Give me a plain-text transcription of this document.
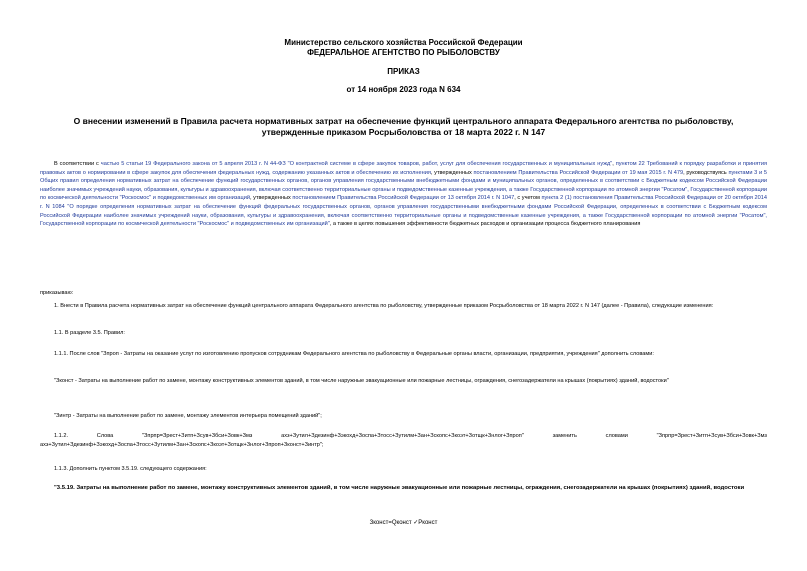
Министерство сельского хозяйства Российской Федерации
ФЕДЕРАЛЬНОЕ АГЕНТСТВО ПО РЫБОЛОВСТВУ
ПРИКАЗ
от 14 ноября 2023 года N 634
О внесении изменений в Правила расчета нормативных затрат на обеспечение функций центрального аппарата Федерального агентства по рыболовству,
утвержденные приказом Росрыболовства от 18 марта 2022 г. N 147

В соответствии с частью 5 статьи 19 Федерального закона от 5 апреля 2013 г. N 44-ФЗ "О контрактной системе в сфере закупок товаров, работ, услуг для обеспечения государственных и муниципальных нужд", пунктом 22 Требований к порядку разработки и принятия правовых актов о нормировании в сфере закупок для обеспечения федеральных нужд, содержанию указанных актов и обеспечению их исполнения, утвержденных постановлением Правительства Российской Федерации от 19 мая 2015 г. N 479, руководствуясь пунктами 3 и 5 Общих правил определения нормативных затрат на обеспечение функций государственных органов, органов управления государственными внебюджетными фондами и муниципальных органов, определенных в соответствии с Бюджетным кодексом Российской Федерации наиболее значимых учреждений науки, образования, культуры и здравоохранения, включая соответственно территориальные органы и подведомственные казенные учреждения, а также Государственной корпорации по атомной энергии "Росатом", Государственной корпорации по космической деятельности "Роскосмос" и подведомственных им организаций, утвержденных постановлением Правительства Российской Федерации от 13 октября 2014 г. N 1047, с учетом пункта 2 (1) постановления Правительства Российской Федерации от 20 октября 2014 г. N 1084 "О порядке определения нормативных затрат на обеспечение функций федеральных государственных органов, органов управления государственными внебюджетными фондами Российской Федерации, определенных в соответствии с Бюджетным кодексом Российской Федерации наиболее значимых учреждений науки, образования, культуры и здравоохранения, включая соответственно территориальные органы и подведомственные казенные учреждения, а также Государственной корпорации по атомной энергии "Росатом", Государственной корпорации по космической деятельности "Роскосмос" и подведомственных им организаций", а также в целях повышения эффективности бюджетных расходов и организации процесса бюджетного планирования

приказываю:

1. Внести в Правила расчета нормативных затрат на обеспечение функций центрального аппарата Федерального агентства по рыболовству, утвержденные приказом Росрыболовства от 18 марта 2022 г. N 147 (далее - Правила), следующие изменения:

1.1. В разделе 3.5. Правил:

1.1.1. После слов "Зпроп - Затраты на оказание услуг по изготовлению пропусков сотрудникам Федерального агентства по рыболовству в Федеральные органы власти, организации, предприятия, учреждения" дополнить словами:

"Зконст - Затраты на выполнение работ по замене, монтажу конструктивных элементов зданий, в том числе наружные эвакуационные или пожарные лестницы, ограждения, снегозадержатели на крышах (покрытиях) зданий, водостоки"

"Зинтр - Затраты на выполнение работ по замене, монтажу элементов интерьера помещений зданий";

1.1.2. Слова "Зпрпр=Зрест+Зитп+Зсув+Збси+Зовк+Змз ахз+Зутил+Здезинф+Зэкохд+Зоспа+Зтосс+Зутилм+Зан+Зскопс+Зкоэт+Зотщк+Знлог+Зпроп" заменить словами "Зпрпр=Зрест+Зитп+Зсув+Збси+Зовк+Змз ахз+Зутил+Здезинф+Зэкохд+Зоспа+Зтосс+Зутилм+Зан+Зскопс+Зкоэт+Зотщк+Знлог+Зпроп+Зконст+Зинтр";

1.1.3. Дополнить пунктом 3.5.19. следующего содержания:

"3.5.19. Затраты на выполнение работ по замене, монтажу конструктивных элементов зданий, в том числе наружные эвакуационные или пожарные лестницы, ограждения, снегозадержатели на крышах (покрытиях) зданий, водостоки

Зконст=Qконст ✓Рконст
